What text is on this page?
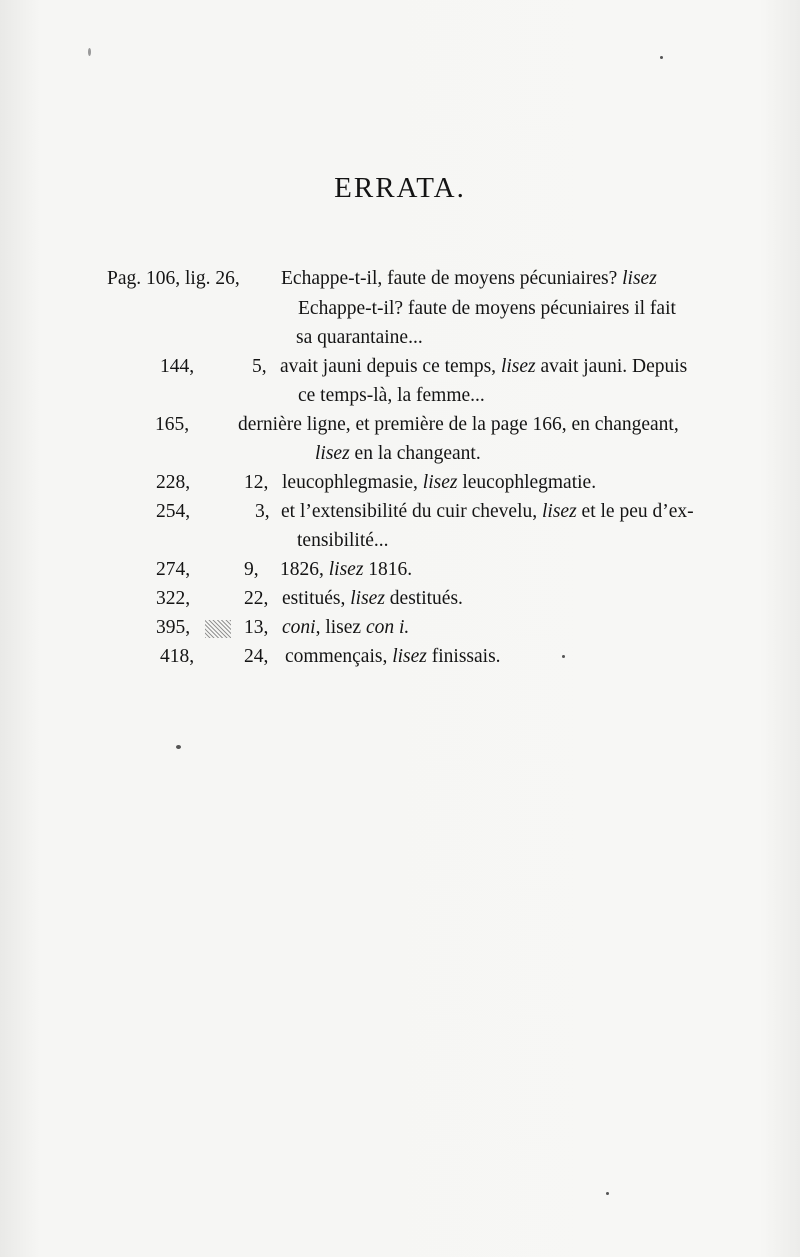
ERRATA.
Pag. 106, lig. 26, Echappe-t-il, faute de moyens pécuniaires? lisez
Echappe-t-il? faute de moyens pécuniaires il fait
sa quarantaine...
144,	5, avait jauni depuis ce temps, lisez avait jauni. Depuis
ce temps-là, la femme...
165,	dernière ligne, et première de la page 166, en changeant,
lisez en la changeant.
228,	12, leucophlegmasie, lisez leucophlegmatie.
254,	3, et l’extensibilité du cuir chevelu, lisez et le peu d’ex-
tensibilité...
274,	9, 1826, lisez 1816.
322,	22, estitués, lisez destitués.
395,	13, coni, lisez con i.
418,	24, commençais, lisez finissais.
